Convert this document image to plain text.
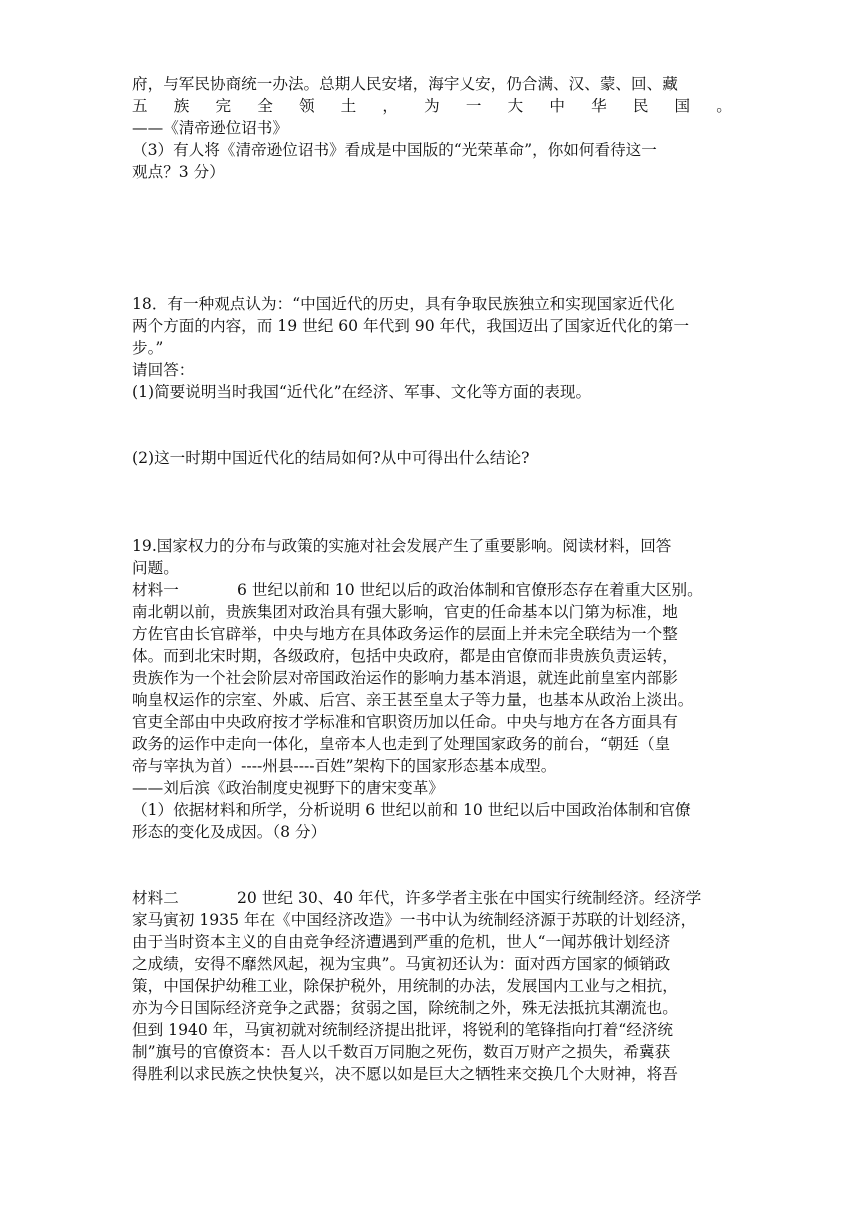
府，与军民协商统一办法。总期人民安堵，海宇乂安，仍合满、汉、蒙、回、藏
五 族 完 全 领 土 ， 为 一 大 中 华 民 国 。
——《清帝逊位诏书》
（3）有人将《清帝逊位诏书》看成是中国版的“光荣革命”，你如何看待这一
观点？3 分）
18．有一种观点认为：“中国近代的历史，具有争取民族独立和实现国家近代化
两个方面的内容，而 19 世纪 60 年代到 90 年代，我国迈出了国家近代化的第一
步。”
请回答：
(1)简要说明当时我国“近代化”在经济、军事、文化等方面的表现。
(2)这一时期中国近代化的结局如何?从中可得出什么结论?
19.国家权力的分布与政策的实施对社会发展产生了重要影响。阅读材料，回答
问题。
材料一	6 世纪以前和 10 世纪以后的政治体制和官僚形态存在着重大区别。
南北朝以前，贵族集团对政治具有强大影响，官吏的任命基本以门第为标准，地
方佐官由长官辟举，中央与地方在具体政务运作的层面上并未完全联结为一个整
体。而到北宋时期，各级政府，包括中央政府，都是由官僚而非贵族负责运转，
贵族作为一个社会阶层对帝国政治运作的影响力基本消退，就连此前皇室内部影
响皇权运作的宗室、外戚、后宫、亲王甚至皇太子等力量，也基本从政治上淡出。
官吏全部由中央政府按才学标准和官职资历加以任命。中央与地方在各方面具有
政务的运作中走向一体化，皇帝本人也走到了处理国家政务的前台，“朝廷（皇
帝与宰执为首）----州县----百姓”架构下的国家形态基本成型。
——刘后滨《政治制度史视野下的唐宋变革》
（1）依据材料和所学，分析说明 6 世纪以前和 10 世纪以后中国政治体制和官僚
形态的变化及成因。（8 分）
材料二	20 世纪 30、40 年代，许多学者主张在中国实行统制经济。经济学
家马寅初 1935 年在《中国经济改造》一书中认为统制经济源于苏联的计划经济，
由于当时资本主义的自由竞争经济遭遇到严重的危机，世人“一闻苏俄计划经济
之成绩，安得不靡然风起，视为宝典”。马寅初还认为：面对西方国家的倾销政
策，中国保护幼稚工业，除保护税外，用统制的办法，发展国内工业与之相抗，
亦为今日国际经济竞争之武器；贫弱之国，除统制之外，殊无法抵抗其潮流也。
但到 1940 年，马寅初就对统制经济提出批评，将锐利的笔锋指向打着“经济统
制”旗号的官僚资本：吾人以千数百万同胞之死伤，数百万财产之损失，希冀获
得胜利以求民族之快快复兴，决不愿以如是巨大之牺牲来交换几个大财神，将吾
